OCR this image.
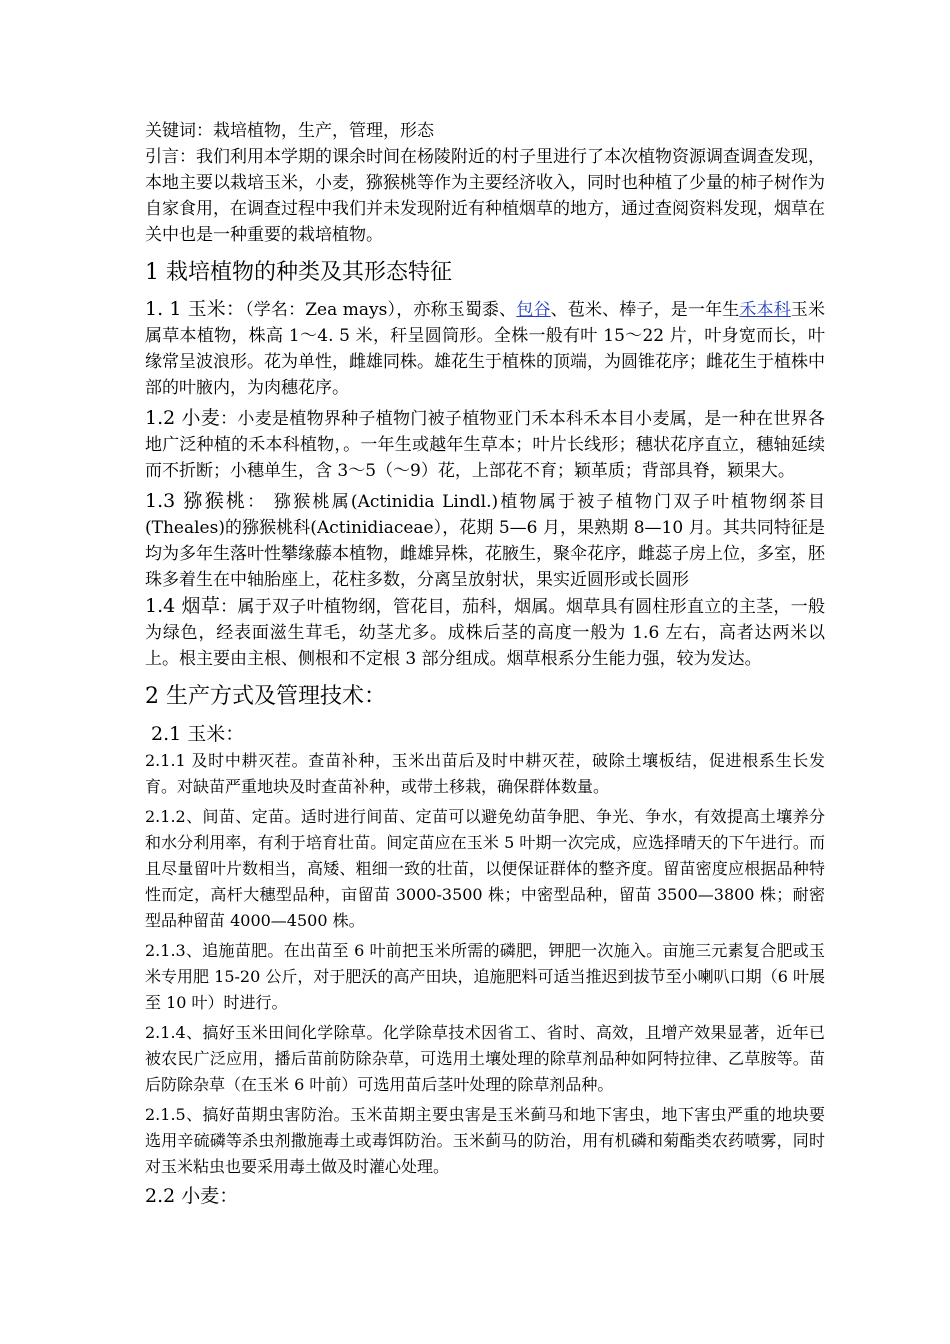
关键词：栽培植物，生产，管理，形态

引言：我们利用本学期的课余时间在杨陵附近的村子里进行了本次植物资源调查调查发现，本地主要以栽培玉米，小麦，猕猴桃等作为主要经济收入，同时也种植了少量的柿子树作为自家食用，在调查过程中我们并未发现附近有种植烟草的地方，通过查阅资料发现，烟草在关中也是一种重要的栽培植物。

1 栽培植物的种类及其形态特征

1. 1 玉米：（学名：Zea mays），亦称玉蜀黍、包谷、苞米、棒子，是一年生禾本科玉米属草本植物，株高 1～4. 5 米，秆呈圆筒形。全株一般有叶 15～22 片，叶身宽而长，叶缘常呈波浪形。花为单性，雌雄同株。雄花生于植株的顶端，为圆锥花序；雌花生于植株中部的叶腋内，为肉穗花序。

1.2 小麦：小麦是植物界种子植物门被子植物亚门禾本科禾本目小麦属，是一种在世界各地广泛种植的禾本科植物，。一年生或越年生草本；叶片长线形；穗状花序直立，穗轴延续而不折断；小穗单生，含 3～5（～9）花，上部花不育；颖革质；背部具脊，颖果大。

1.3 猕猴桃： 猕猴桃属(Actinidia Lindl.)植物属于被子植物门双子叶植物纲茶目(Theales)的猕猴桃科(Actinidiaceae），花期 5—6 月，果熟期 8—10 月。其共同特征是均为多年生落叶性攀缘藤本植物，雌雄异株，花腋生，聚伞花序，雌蕊子房上位，多室，胚珠多着生在中轴胎座上，花柱多数，分离呈放射状，果实近圆形或长圆形

1.4 烟草：属于双子叶植物纲，管花目，茄科，烟属。烟草具有圆柱形直立的主茎，一般为绿色，经表面滋生茸毛，幼茎尤多。成株后茎的高度一般为 1.6 左右，高者达两米以上。根主要由主根、侧根和不定根 3 部分组成。烟草根系分生能力强，较为发达。

2 生产方式及管理技术：
2.1 玉米：

2.1.1 及时中耕灭茬。查苗补种，玉米出苗后及时中耕灭茬，破除土壤板结，促进根系生长发育。对缺苗严重地块及时查苗补种，或带土移栽，确保群体数量。

2.1.2、间苗、定苗。适时进行间苗、定苗可以避免幼苗争肥、争光、争水，有效提高土壤养分和水分利用率，有利于培育壮苗。间定苗应在玉米 5 叶期一次完成，应选择晴天的下午进行。而且尽量留叶片数相当，高矮、粗细一致的壮苗，以便保证群体的整齐度。留苗密度应根据品种特性而定，高杆大穗型品种，亩留苗 3000-3500 株；中密型品种，留苗 3500—3800 株；耐密型品种留苗 4000—4500 株。

2.1.3、追施苗肥。在出苗至 6 叶前把玉米所需的磷肥，钾肥一次施入。亩施三元素复合肥或玉米专用肥 15-20 公斤，对于肥沃的高产田块，追施肥料可适当推迟到拔节至小喇叭口期（6 叶展至 10 叶）时进行。

2.1.4、搞好玉米田间化学除草。化学除草技术因省工、省时、高效，且增产效果显著，近年已被农民广泛应用，播后苗前防除杂草，可选用土壤处理的除草剂品种如阿特拉律、乙草胺等。苗后防除杂草（在玉米 6 叶前）可选用苗后茎叶处理的除草剂品种。

2.1.5、搞好苗期虫害防治。玉米苗期主要虫害是玉米蓟马和地下害虫，地下害虫严重的地块要选用辛硫磷等杀虫剂撒施毒土或毒饵防治。玉米蓟马的防治，用有机磷和菊酯类农药喷雾，同时对玉米粘虫也要采用毒土做及时灌心处理。

2.2 小麦：
